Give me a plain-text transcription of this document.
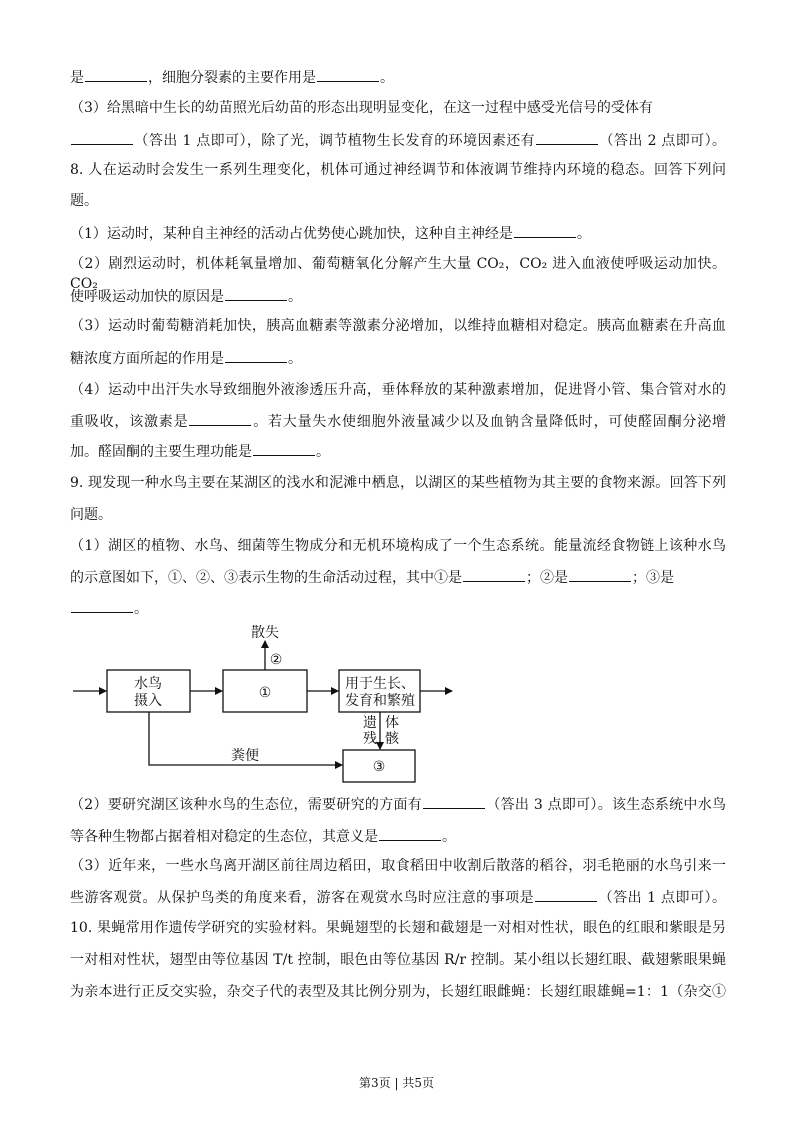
是	，细胞分裂素的主要作用是	。
（3）给黑暗中生长的幼苗照光后幼苗的形态出现明显变化，在这一过程中感受光信号的受体有
（答出 1 点即可），除了光，调节植物生长发育的环境因素还有	（答出 2 点即可）。
8. 人在运动时会发生一系列生理变化，机体可通过神经调节和体液调节维持内环境的稳态。回答下列问
题。
（1）运动时，某种自主神经的活动占优势使心跳加快，这种自主神经是	。
（2）剧烈运动时，机体耗氧量增加、葡萄糖氧化分解产生大量 CO₂，CO₂ 进入血液使呼吸运动加快。CO₂
使呼吸运动加快的原因是	。
（3）运动时葡萄糖消耗加快，胰高血糖素等激素分泌增加，以维持血糖相对稳定。胰高血糖素在升高血
糖浓度方面所起的作用是	。
（4）运动中出汗失水导致细胞外液渗透压升高，垂体释放的某种激素增加，促进肾小管、集合管对水的
重吸收，该激素是	。若大量失水使细胞外液量减少以及血钠含量降低时，可使醛固酮分泌增
加。醛固酮的主要生理功能是	。
9. 现发现一种水鸟主要在某湖区的浅水和泥滩中栖息，以湖区的某些植物为其主要的食物来源。回答下列
问题。
（1）湖区的植物、水鸟、细菌等生物成分和无机环境构成了一个生态系统。能量流经食物链上该种水鸟
的示意图如下，①、②、③表示生物的生命活动过程，其中①是	；②是	；③是
。
（2）要研究湖区该种水鸟的生态位，需要研究的方面有	（答出 3 点即可）。该生态系统中水鸟
等各种生物都占据着相对稳定的生态位，其意义是	。
（3）近年来，一些水鸟离开湖区前往周边稻田，取食稻田中收割后散落的稻谷，羽毛艳丽的水鸟引来一
些游客观赏。从保护鸟类的角度来看，游客在观赏水鸟时应注意的事项是	（答出 1 点即可）。
10. 果蝇常用作遗传学研究的实验材料。果蝇翅型的长翅和截翅是一对相对性状，眼色的红眼和紫眼是另
一对相对性状，翅型由等位基因 T/t 控制，眼色由等位基因 R/r 控制。某小组以长翅红眼、截翅紫眼果蝇
为亲本进行正反交实验，杂交子代的表型及其比例分别为，长翅红眼雌蝇：长翅红眼雄蝇=1：1（杂交①
水鸟
摄入	①
用于生长、
发育和繁殖
③
散失
②
粪便
遗 体
残 骸
第3页 | 共5页
